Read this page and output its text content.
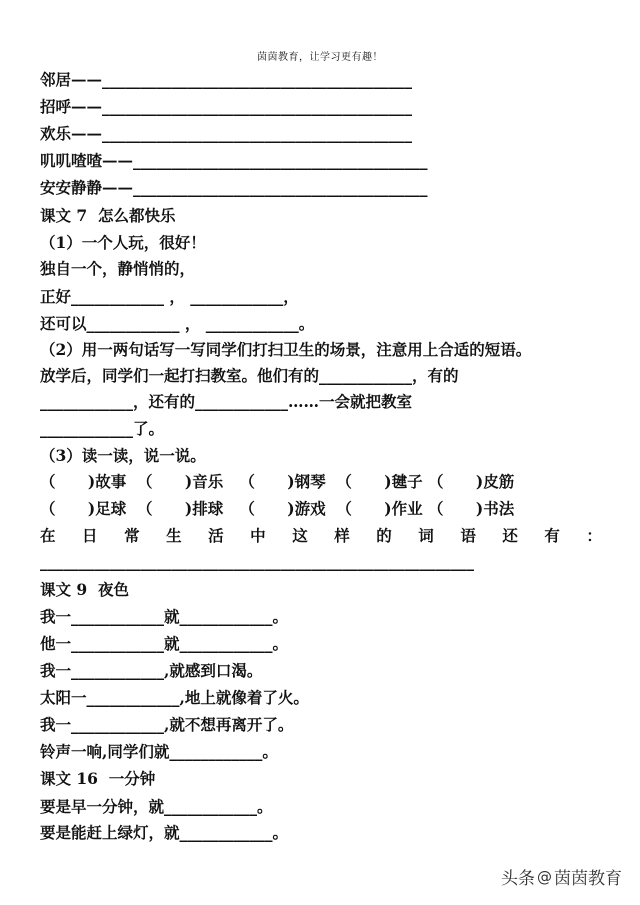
茵茵教育，让学习更有趣！
邻居——________________________________________
招呼——________________________________________
欢乐——________________________________________
叽叽喳喳——______________________________________
安安静静——______________________________________
课文 7  怎么都快乐
（1）一个人玩，很好！
独自一个，静悄悄的，
正好____________ ， ____________，
还可以____________ ， ____________。
（2）用一两句话写一写同学们打扫卫生的场景，注意用上合适的短语。
放学后，同学们一起打扫教室。他们有的____________，有的
____________，还有的____________……一会就把教室
____________了。
（3）读一读，说一说。
（      )故事  （      )音乐   （      )钢琴  （      )毽子 （      )皮筋
（      )足球  （      )排球   （      )游戏  （      )作业 （      )书法
在 日 常 生 活 中 这 样 的 词 语 还 有 ：
________________________________________________________
课文 9  夜色
我一____________就____________。
他一____________就____________。
我一____________,就感到口渴。
太阳一____________,地上就像着了火。
我一____________,就不想再离开了。
铃声一响,同学们就____________。
课文 16  一分钟
要是早一分钟，就____________。
要是能赶上绿灯，就____________。
头条 @ 茵茵教育
